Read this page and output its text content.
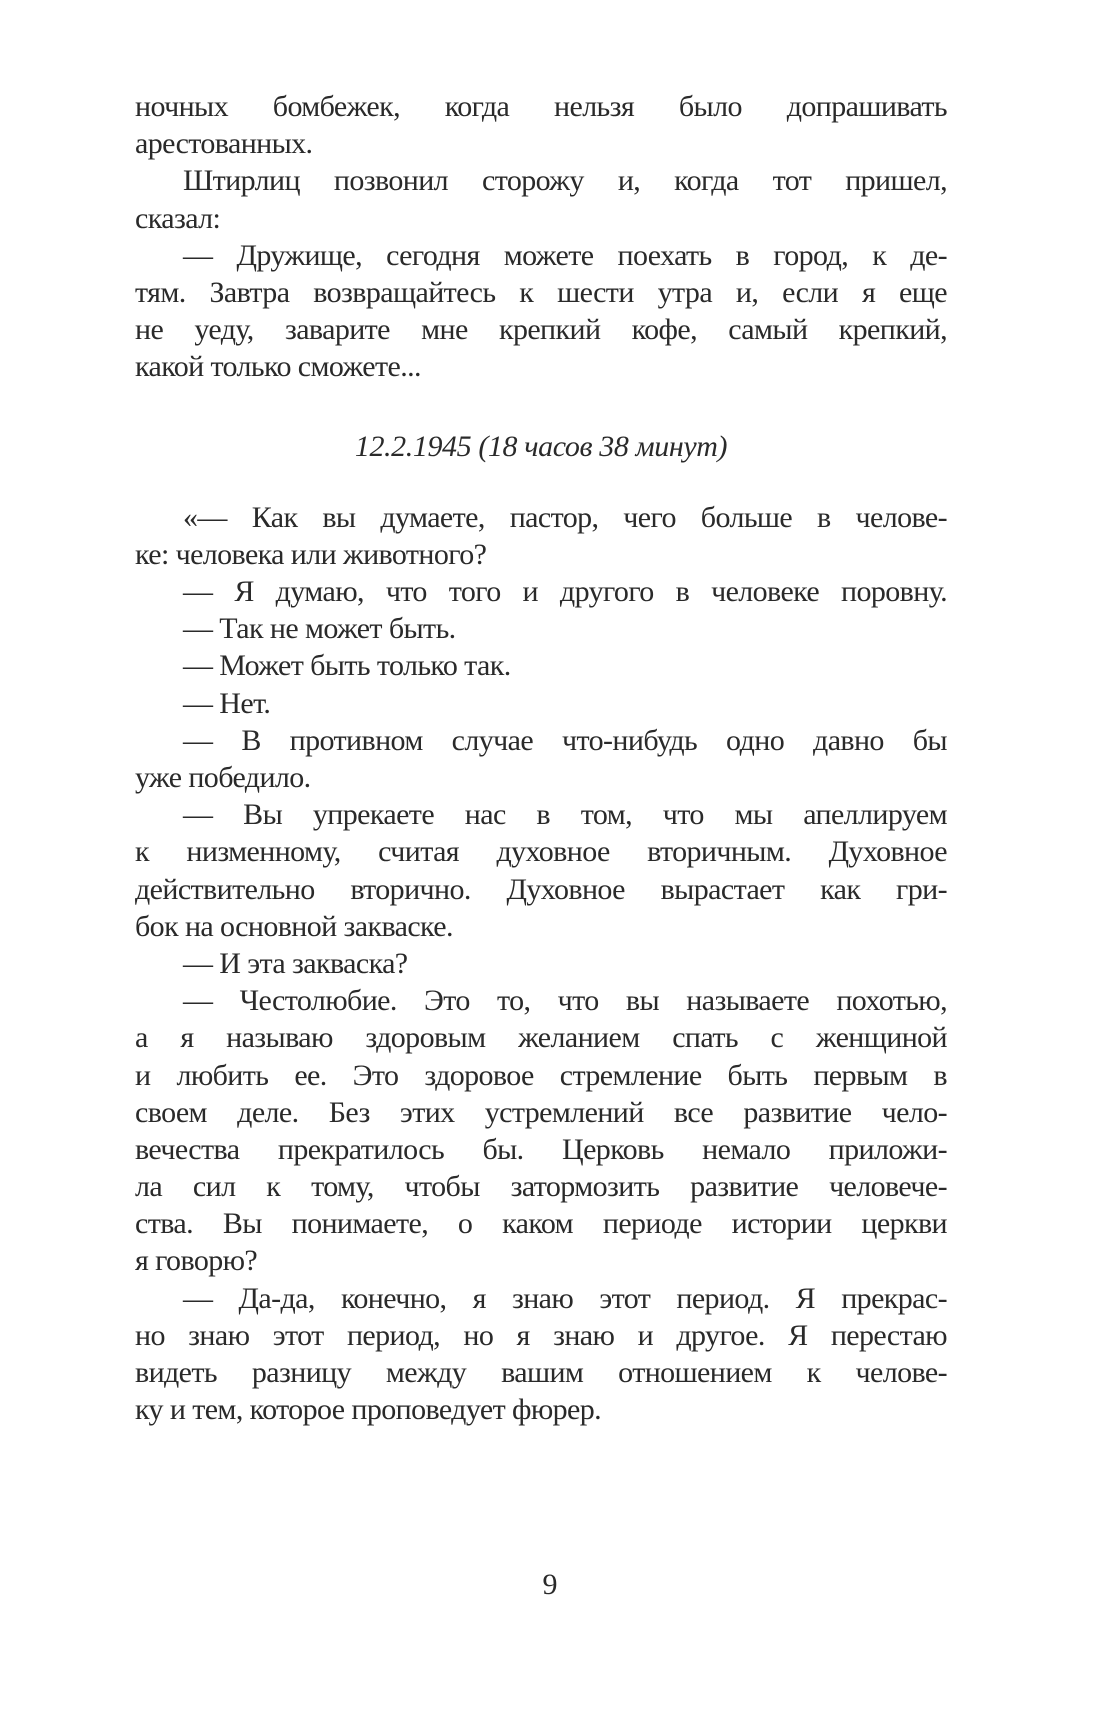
ночных бомбежек, когда нельзя было допрашивать
арестованных.
Штирлиц позвонил сторожу и, когда тот пришел,
сказал:
— Дружище, сегодня можете поехать в город, к де-
тям. Завтра возвращайтесь к шести утра и, если я еще
не уеду, заварите мне крепкий кофе, самый крепкий,
какой только сможете...
12.2.1945 (18 часов 38 минут)
«— Как вы думаете, пастор, чего больше в челове-
ке: человека или животного?
— Я думаю, что того и другого в человеке поровну.
— Так не может быть.
— Может быть только так.
— Нет.
— В противном случае что-нибудь одно давно бы
уже победило.
— Вы упрекаете нас в том, что мы апеллируем
к низменному, считая духовное вторичным. Духовное
действительно вторично. Духовное вырастает как гри-
бок на основной закваске.
— И эта закваска?
— Честолюбие. Это то, что вы называете похотью,
а я называю здоровым желанием спать с женщиной
и любить ее. Это здоровое стремление быть первым в
своем деле. Без этих устремлений все развитие чело-
вечества прекратилось бы. Церковь немало приложи-
ла сил к тому, чтобы затормозить развитие человече-
ства. Вы понимаете, о каком периоде истории церкви
я говорю?
— Да-да, конечно, я знаю этот период. Я прекрас-
но знаю этот период, но я знаю и другое. Я перестаю
видеть разницу между вашим отношением к челове-
ку и тем, которое проповедует фюрер.
9
